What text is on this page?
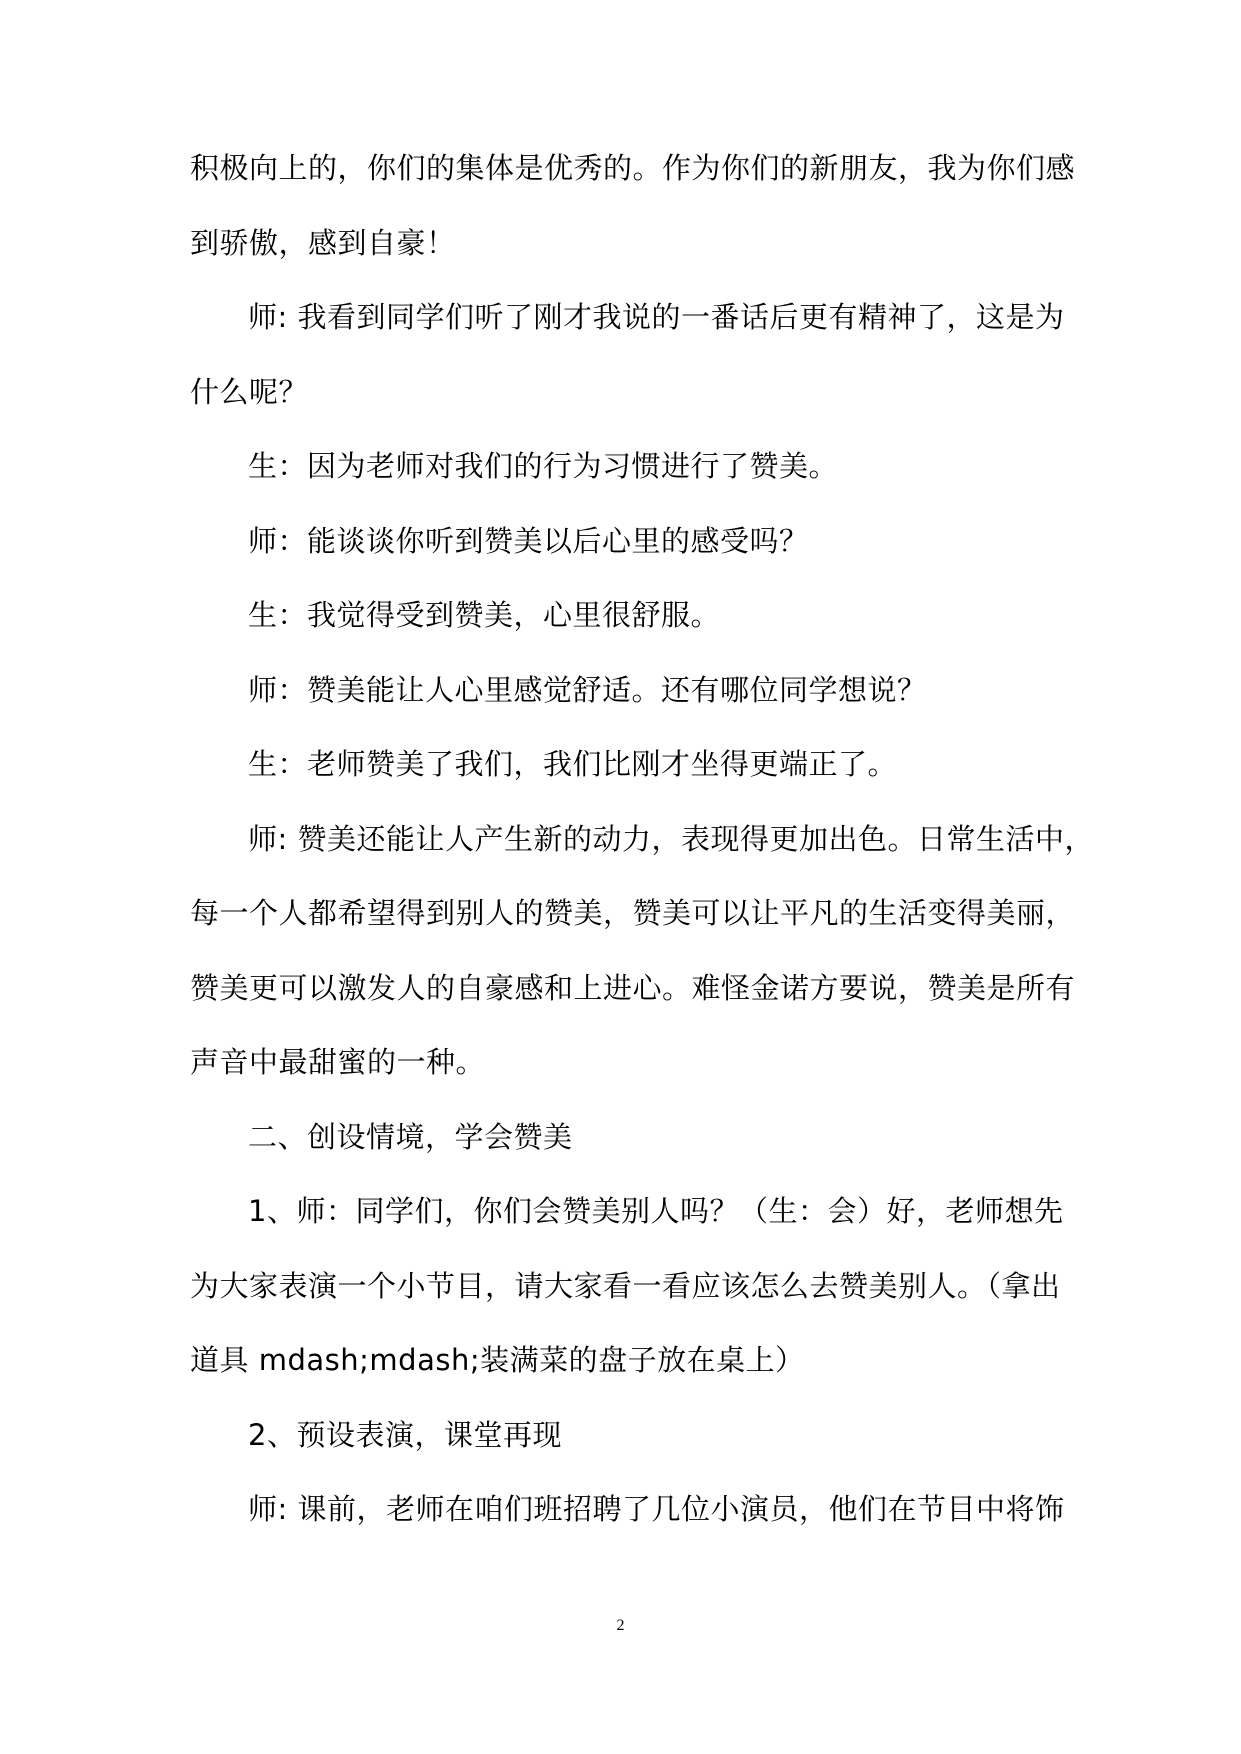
积极向上的，你们的集体是优秀的。作为你们的新朋友，我为你们感
到骄傲，感到自豪！
师: 我看到同学们听了刚才我说的一番话后更有精神了，这是为
什么呢？
生：因为老师对我们的行为习惯进行了赞美。
师：能谈谈你听到赞美以后心里的感受吗？
生：我觉得受到赞美，心里很舒服。
师：赞美能让人心里感觉舒适。还有哪位同学想说？
生：老师赞美了我们，我们比刚才坐得更端正了。
师: 赞美还能让人产生新的动力，表现得更加出色。日常生活中，
每一个人都希望得到别人的赞美，赞美可以让平凡的生活变得美丽，
赞美更可以激发人的自豪感和上进心。难怪金诺方要说，赞美是所有
声音中最甜蜜的一种。
二、创设情境，学会赞美
1、师：同学们，你们会赞美别人吗？（生：会）好，老师想先
为大家表演一个小节目，请大家看一看应该怎么去赞美别人。（拿出
道具 mdash;mdash;装满菜的盘子放在桌上）
2、预设表演，课堂再现
师: 课前，老师在咱们班招聘了几位小演员，他们在节目中将饰
2
